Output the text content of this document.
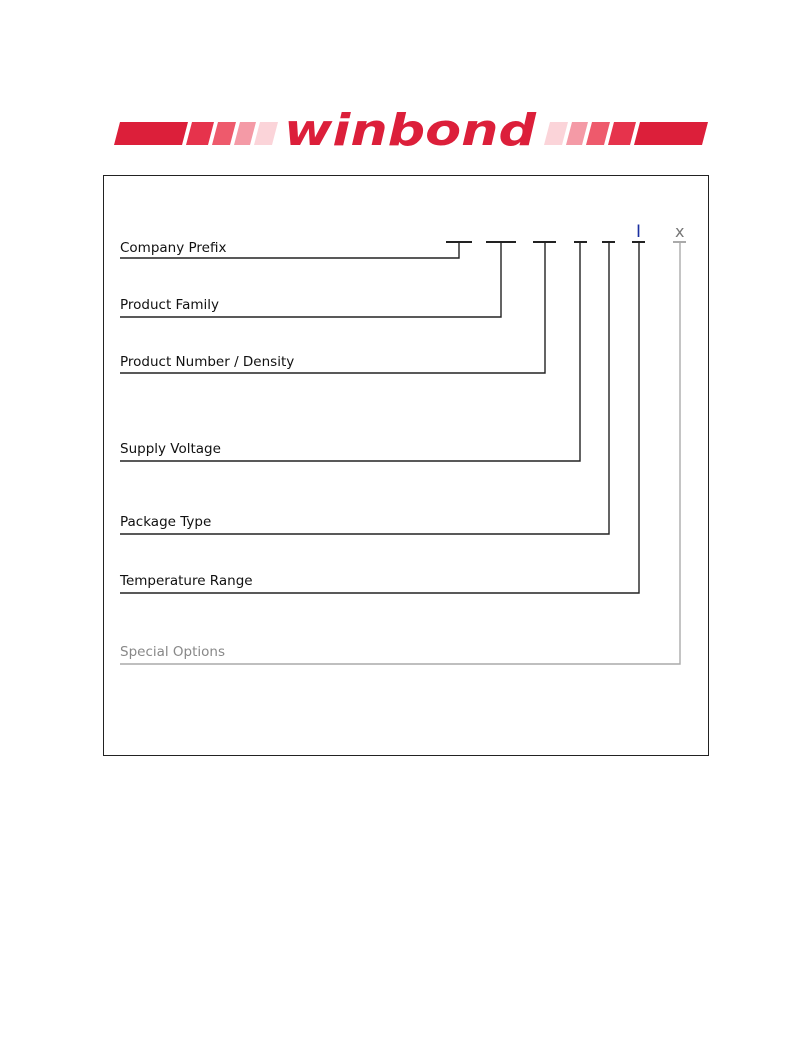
winbond
I x
Company Prefix
Product Family
Product Number / Density
Supply Voltage
Package Type
Temperature Range
Special Options
